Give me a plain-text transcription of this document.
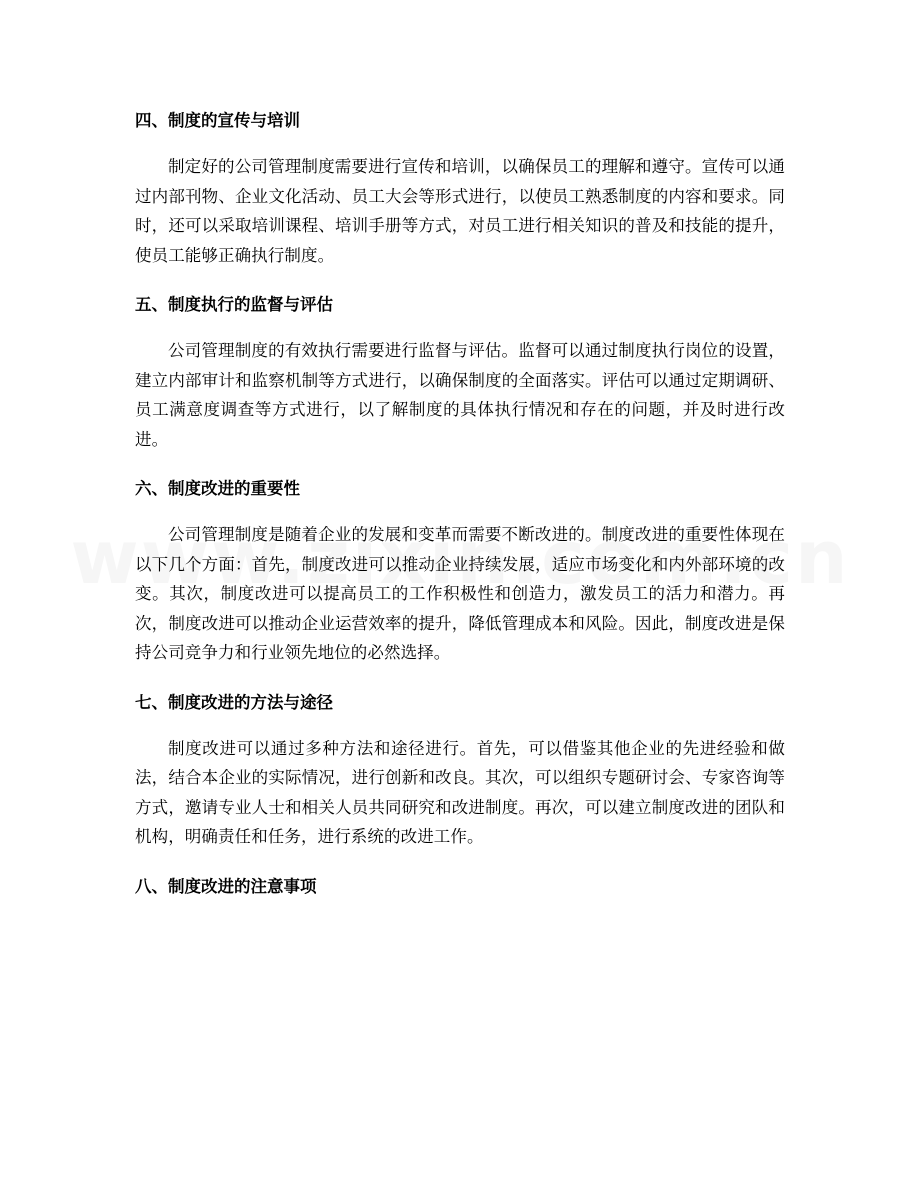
四、制度的宣传与培训

制定好的公司管理制度需要进行宣传和培训，以确保员工的理解和遵守。宣传可以通过内部刊物、企业文化活动、员工大会等形式进行，以使员工熟悉制度的内容和要求。同时，还可以采取培训课程、培训手册等方式，对员工进行相关知识的普及和技能的提升，使员工能够正确执行制度。

五、制度执行的监督与评估

公司管理制度的有效执行需要进行监督与评估。监督可以通过制度执行岗位的设置，建立内部审计和监察机制等方式进行，以确保制度的全面落实。评估可以通过定期调研、员工满意度调查等方式进行，以了解制度的具体执行情况和存在的问题，并及时进行改进。

六、制度改进的重要性

公司管理制度是随着企业的发展和变革而需要不断改进的。制度改进的重要性体现在以下几个方面：首先，制度改进可以推动企业持续发展，适应市场变化和内外部环境的改变。其次，制度改进可以提高员工的工作积极性和创造力，激发员工的活力和潜力。再次，制度改进可以推动企业运营效率的提升，降低管理成本和风险。因此，制度改进是保持公司竞争力和行业领先地位的必然选择。

七、制度改进的方法与途径

制度改进可以通过多种方法和途径进行。首先，可以借鉴其他企业的先进经验和做法，结合本企业的实际情况，进行创新和改良。其次，可以组织专题研讨会、专家咨询等方式，邀请专业人士和相关人员共同研究和改进制度。再次，可以建立制度改进的团队和机构，明确责任和任务，进行系统的改进工作。

八、制度改进的注意事项
